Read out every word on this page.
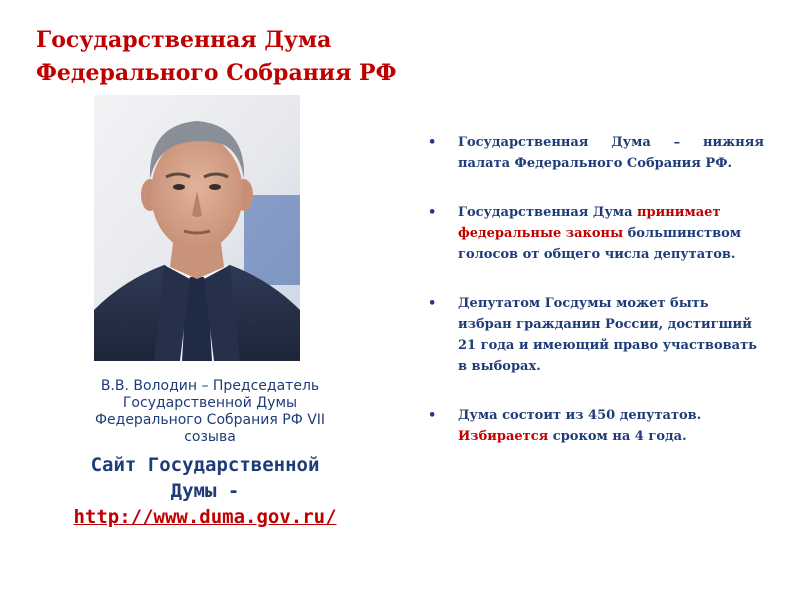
Государственная Дума
Федерального Собрания РФ
В.В. Володин – Председатель
Государственной Думы
Федерального Собрания РФ VII
созыва
Сайт Государственной
Думы -
http://www.duma.gov.ru/
• Государственная Дума – нижняя палата Федерального Собрания РФ.
• Государственная Дума принимает федеральные законы большинством голосов от общего числа депутатов.
• Депутатом Госдумы может быть избран гражданин России, достигший 21 года и имеющий право участвовать в выборах.
• Дума состоит из 450 депутатов. Избирается сроком на 4 года.
